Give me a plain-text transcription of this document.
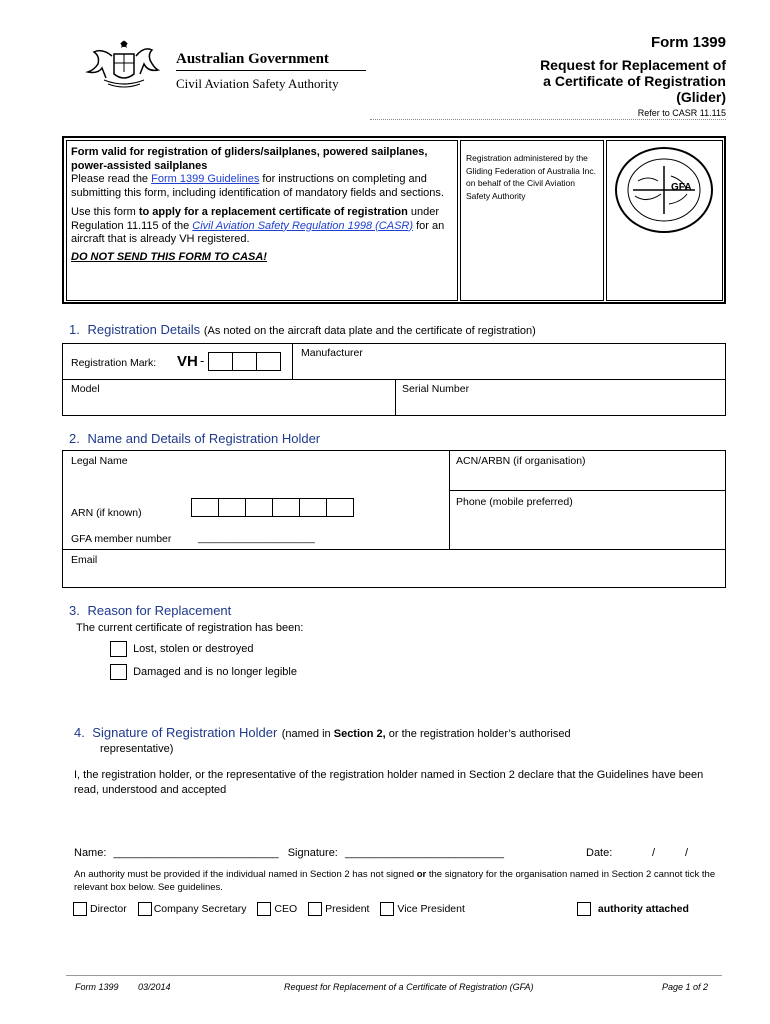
Australian Government
Civil Aviation Safety Authority
Form 1399
Request for Replacement of
a Certificate of Registration
(Glider)
Refer to CASR 11.115
Form valid for registration of gliders/sailplanes, powered sailplanes, power-assisted sailplanes
Please read the Form 1399 Guidelines for instructions on completing and submitting this form, including identification of mandatory fields and sections.
Use this form to apply for a replacement certificate of registration under Regulation 11.115 of the Civil Aviation Safety Regulation 1998 (CASR) for an aircraft that is already VH registered.
DO NOT SEND THIS FORM TO CASA!
Registration administered by the Gliding Federation of Australia Inc. on behalf of the Civil Aviation Safety Authority
GFA
1. Registration Details (As noted on the aircraft data plate and the certificate of registration)
Registration Mark: VH -	Manufacturer
Model	Serial Number
2. Name and Details of Registration Holder
Legal Name	ACN/ARBN (if organisation)
ARN (if known)
Phone (mobile preferred)
GFA member number	____________________
Email
3. Reason for Replacement
The current certificate of registration has been:
Lost, stolen or destroyed
Damaged and is no longer legible
4. Signature of Registration Holder (named in Section 2, or the registration holder’s authorised
representative)
I, the registration holder, or the representative of the registration holder named in Section 2 declare that the Guidelines have been read, understood and accepted
Name: ___________________________ Signature: __________________________	Date:	/	/
An authority must be provided if the individual named in Section 2 has not signed or the signatory for the organisation named in Section 2 cannot tick the relevant box below. See guidelines.
Director	Company Secretary	CEO	President	Vice President	authority attached
Form 1399 03/2014	Request for Replacement of a Certificate of Registration (GFA)	Page 1 of 2
